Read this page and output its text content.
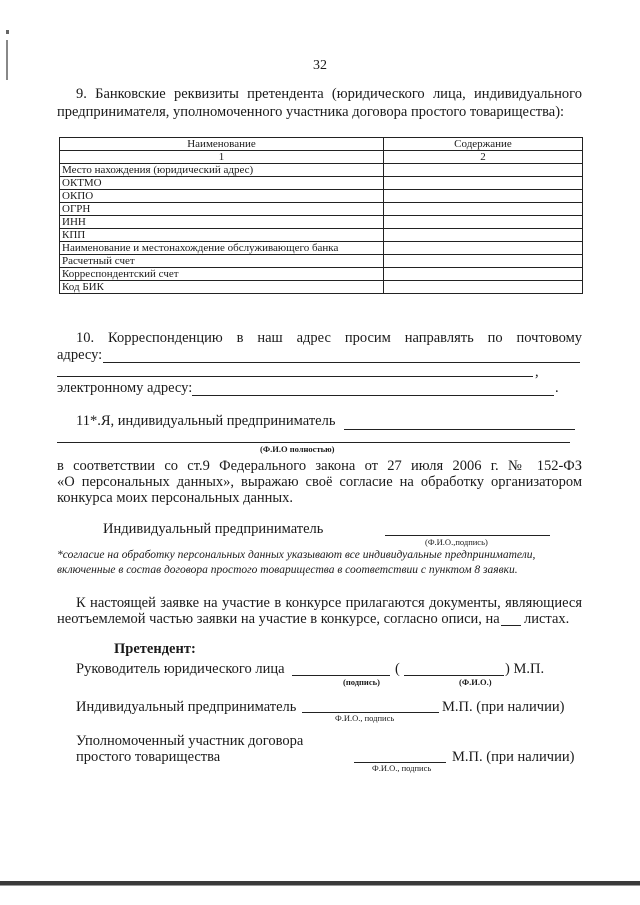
32
9. Банковские реквизиты претендента (юридического лица, индивидуального
предпринимателя, уполномоченного участника договора простого товарищества):
Наименование	Содержание
1	2
Место нахождения (юридический адрес)	
ОКТМО	
ОКПО	
ОГРН	
ИНН	
КПП	
Наименование и местонахождение обслуживающего банка	
Расчетный счет	
Корреспондентский счет	
Код БИК	
10. Корреспонденцию в наш адрес просим направлять по почтовому
адресу:
,
электронному адресу:	.
11*.Я, индивидуальный предприниматель
(Ф.И.О полностью)
в соответствии со ст.9 Федерального закона от 27 июля 2006 г. № 152-ФЗ
«О персональных данных», выражаю своё согласие на обработку организатором
конкурса моих персональных данных.
Индивидуальный предприниматель
(Ф.И.О.,подпись)
*согласие на обработку персональных данных указывают все индивидуальные предприниматели,
включенные в состав договора простого товарищества в соответствии с пунктом 8 заявки.
К настоящей заявке на участие в конкурсе прилагаются документы, являющиеся
неотъемлемой частью заявки на участие в конкурсе, согласно описи, на листах.
Претендент:
Руководитель юридического лица	(	) М.П.
(подпись)	(Ф.И.О.)
Индивидуальный предприниматель	М.П. (при наличии)
Ф.И.О., подпись
Уполномоченный участник договора
простого товарищества	М.П. (при наличии)
Ф.И.О., подпись
